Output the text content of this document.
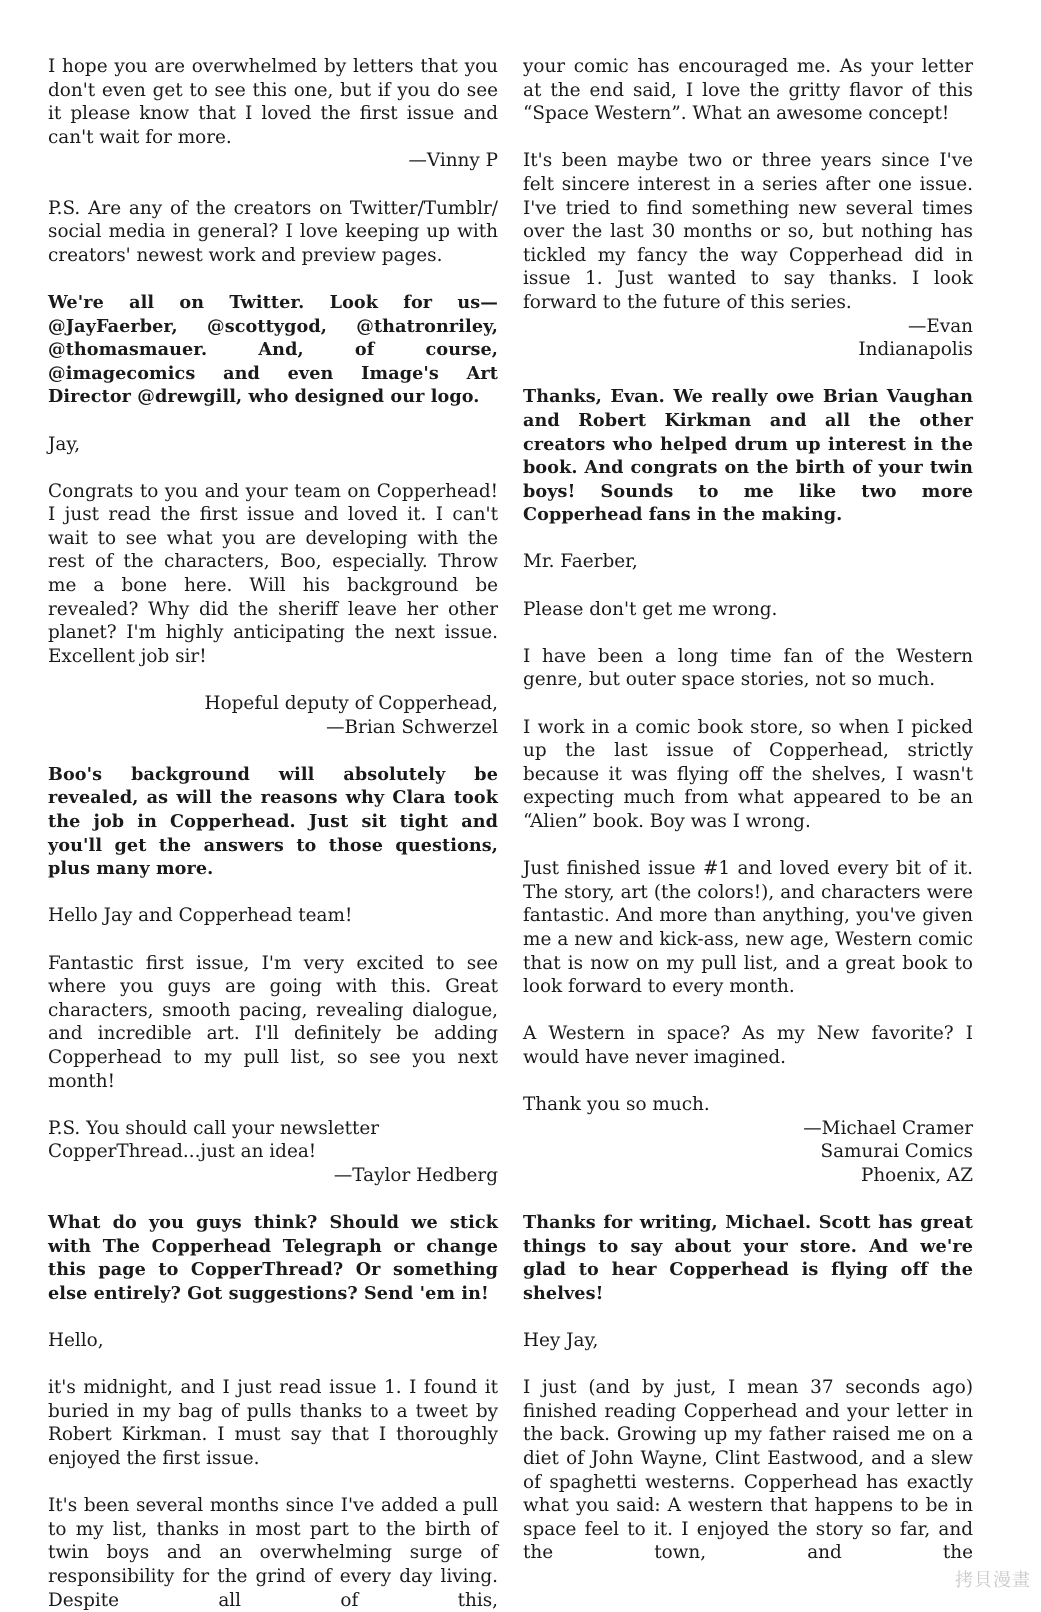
I hope you are overwhelmed by letters that you don't even get to see this one, but if you do see it please know that I loved the first issue and can't wait for more.

—Vinny P

P.S. Are any of the creators on Twitter/Tumblr/ social media in general? I love keeping up with creators' newest work and preview pages.

We're all on Twitter. Look for us—@JayFaerber, @scottygod, @thatronriley, @thomasmauer. And, of course, @imagecomics and even Image's Art Director @drewgill, who designed our logo.

Jay,

Congrats to you and your team on Copperhead! I just read the first issue and loved it. I can't wait to see what you are developing with the rest of the characters, Boo, especially. Throw me a bone here. Will his background be revealed? Why did the sheriff leave her other planet? I'm highly anticipating the next issue. Excellent job sir!

Hopeful deputy of Copperhead,

—Brian Schwerzel

Boo's background will absolutely be revealed, as will the reasons why Clara took the job in Copperhead. Just sit tight and you'll get the answers to those questions, plus many more.

Hello Jay and Copperhead team!

Fantastic first issue, I'm very excited to see where you guys are going with this. Great characters, smooth pacing, revealing dialogue, and incredible art. I'll definitely be adding Copperhead to my pull list, so see you next month!

P.S. You should call your newsletter

CopperThread...just an idea!

—Taylor Hedberg

What do you guys think? Should we stick with The Copperhead Telegraph or change this page to CopperThread? Or something else entirely? Got suggestions? Send 'em in!

Hello,

it's midnight, and I just read issue 1. I found it buried in my bag of pulls thanks to a tweet by Robert Kirkman. I must say that I thoroughly enjoyed the first issue.

It's been several months since I've added a pull to my list, thanks in most part to the birth of twin boys and an overwhelming surge of responsibility for the grind of every day living. Despite all of this,

your comic has encouraged me. As your letter at the end said, I love the gritty flavor of this “Space Western”. What an awesome concept!

It's been maybe two or three years since I've felt sincere interest in a series after one issue. I've tried to find something new several times over the last 30 months or so, but nothing has tickled my fancy the way Copperhead did in issue 1. Just wanted to say thanks. I look forward to the future of this series.

—Evan

Indianapolis

Thanks, Evan. We really owe Brian Vaughan and Robert Kirkman and all the other creators who helped drum up interest in the book. And congrats on the birth of your twin boys! Sounds to me like two more Copperhead fans in the making.

Mr. Faerber,

Please don't get me wrong.

I have been a long time fan of the Western genre, but outer space stories, not so much.

I work in a comic book store, so when I picked up the last issue of Copperhead, strictly because it was flying off the shelves, I wasn't expecting much from what appeared to be an “Alien” book. Boy was I wrong.

Just finished issue #1 and loved every bit of it. The story, art (the colors!), and characters were fantastic. And more than anything, you've given me a new and kick-ass, new age, Western comic that is now on my pull list, and a great book to look forward to every month.

A Western in space? As my New favorite? I would have never imagined.

Thank you so much.

—Michael Cramer

Samurai Comics

Phoenix, AZ

Thanks for writing, Michael. Scott has great things to say about your store. And we're glad to hear Copperhead is flying off the shelves!

Hey Jay,

I just (and by just, I mean 37 seconds ago) finished reading Copperhead and your letter in the back. Growing up my father raised me on a diet of John Wayne, Clint Eastwood, and a slew of spaghetti westerns. Copperhead has exactly what you said: A western that happens to be in space feel to it. I enjoyed the story so far, and the town, and the

拷貝漫畫
